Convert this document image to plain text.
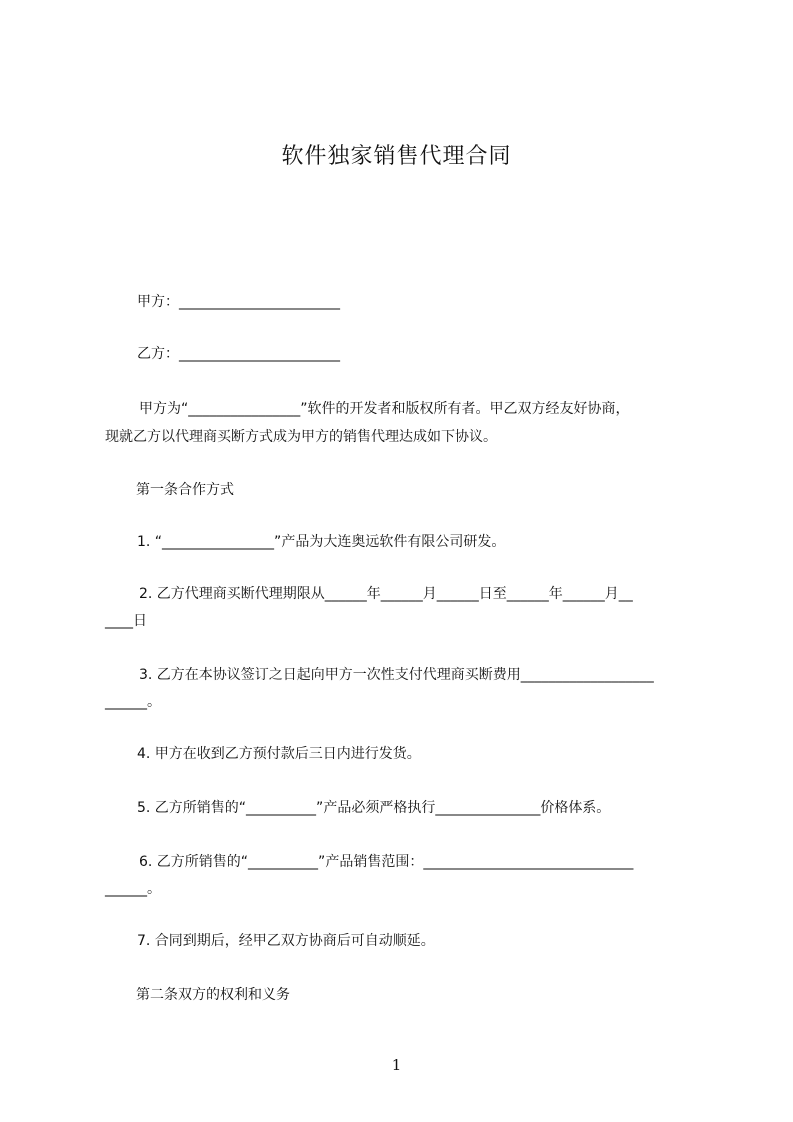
软件独家销售代理合同
甲方：_______________________
乙方：_______________________
甲方为“________________”软件的开发者和版权所有者。甲乙双方经友好协商，
现就乙方以代理商买断方式成为甲方的销售代理达成如下协议。
第一条合作方式
1. “________________”产品为大连奥远软件有限公司研发。
2. 乙方代理商买断代理期限从______年______月______日至______年______月__
____日
3. 乙方在本协议签订之日起向甲方一次性支付代理商买断费用___________________
______。
4. 甲方在收到乙方预付款后三日内进行发货。
5. 乙方所销售的“__________”产品必须严格执行_______________价格体系。
6. 乙方所销售的“__________”产品销售范围：______________________________
______。
7. 合同到期后，经甲乙双方协商后可自动顺延。
第二条双方的权利和义务
1
